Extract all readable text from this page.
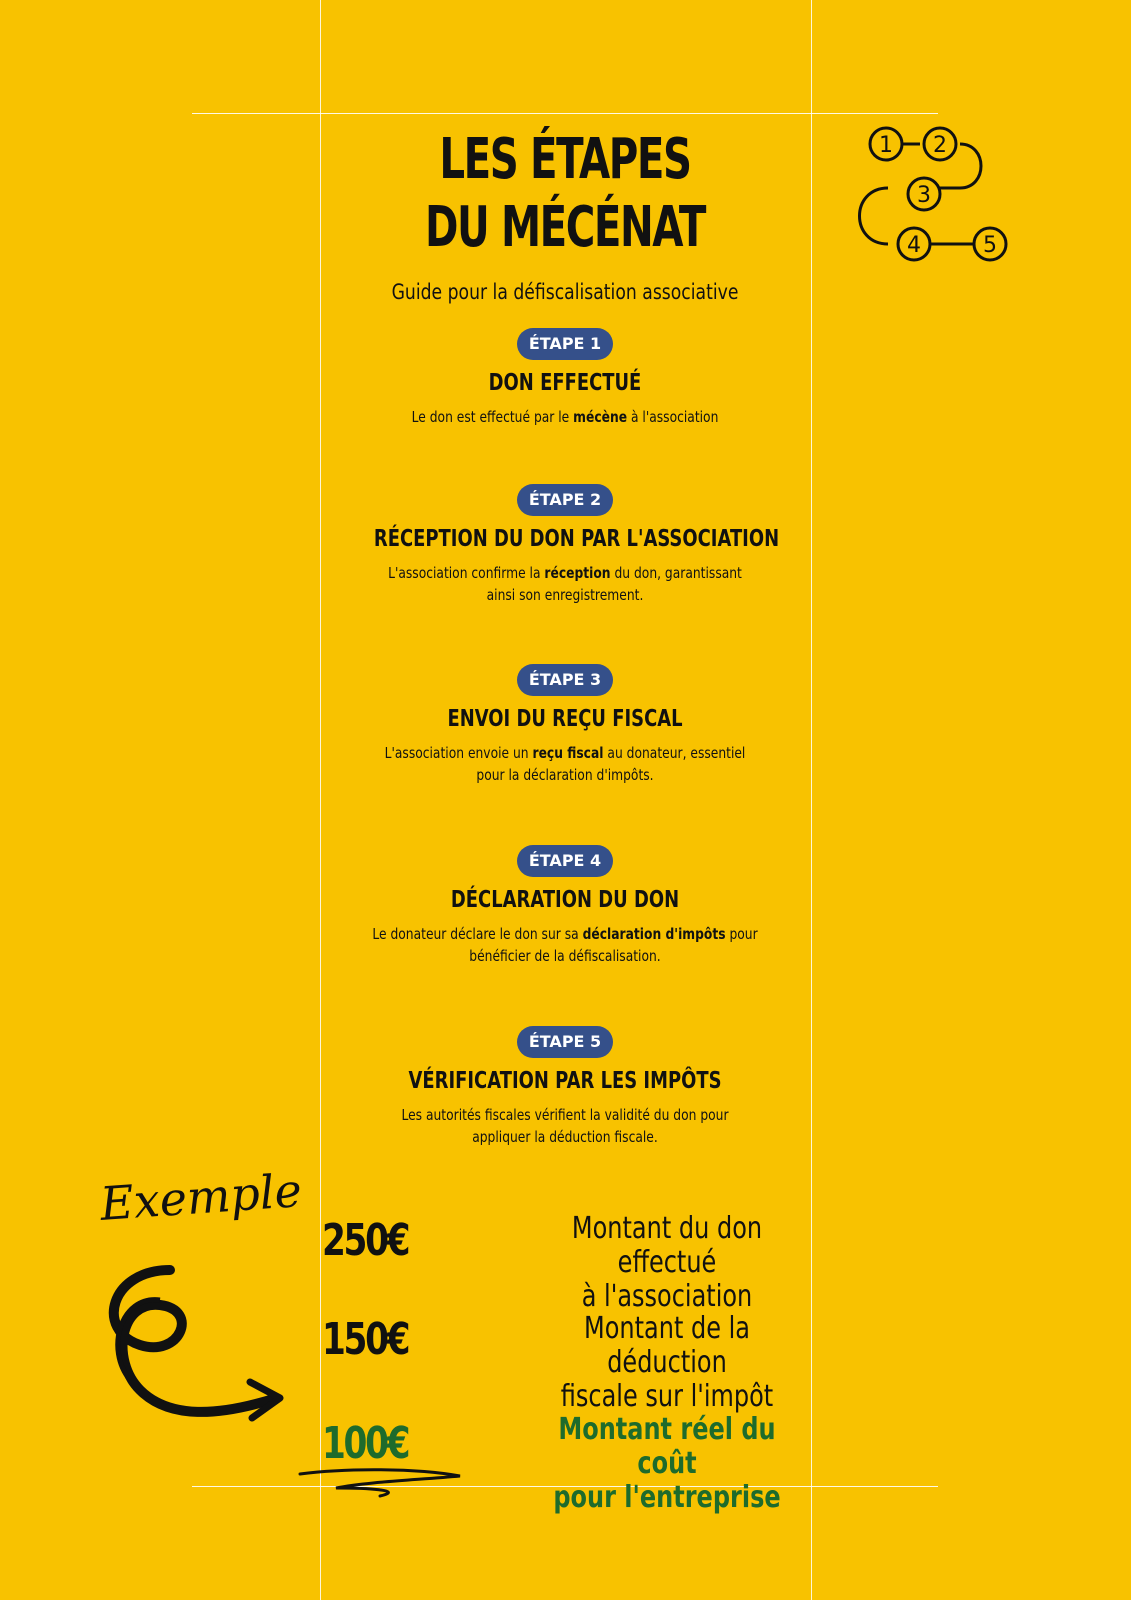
LES ÉTAPES
DU MÉCÉNAT
Guide pour la défiscalisation associative
ÉTAPE 1
DON EFFECTUÉ
Le don est effectué par le mécène à l'association
ÉTAPE 2
RÉCEPTION DU DON PAR L'ASSOCIATION
L'association confirme la réception du don, garantissant
ainsi son enregistrement.
ÉTAPE 3
ENVOI DU REÇU FISCAL
L'association envoie un reçu fiscal au donateur, essentiel
pour la déclaration d'impôts.
ÉTAPE 4
DÉCLARATION DU DON
Le donateur déclare le don sur sa déclaration d'impôts pour
bénéficier de la défiscalisation.
ÉTAPE 5
VÉRIFICATION PAR LES IMPÔTS
Les autorités fiscales vérifient la validité du don pour
appliquer la déduction fiscale.
1 2
3
4	5
Exemple
250€	Montant du don effectué
à l'association
150€	Montant de la déduction
fiscale sur l'impôt
100€	Montant réel du coût
pour l'entreprise
